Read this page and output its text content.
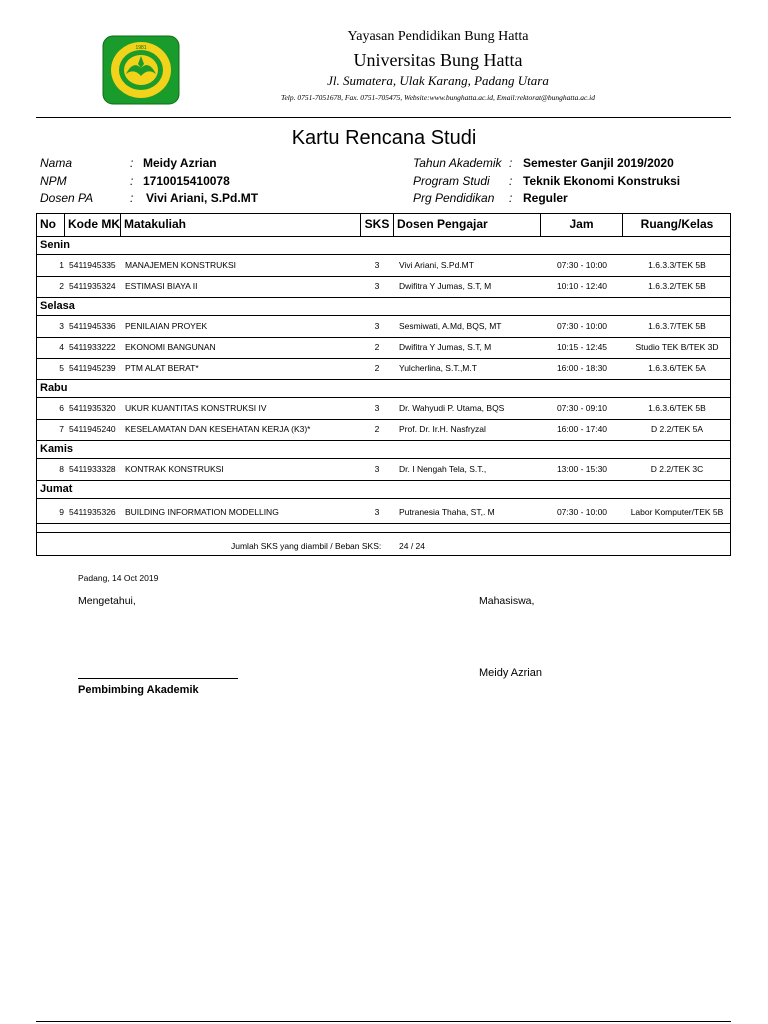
1981
Yayasan Pendidikan Bung Hatta
Universitas Bung Hatta
Jl. Sumatera, Ulak Karang, Padang Utara
Telp. 0751-7051678, Fax. 0751-705475, Website:www.bunghatta.ac.id, Email:rektorat@bunghatta.ac.id
Kartu Rencana Studi
Nama	: Meidy Azrian
NPM	: 1710015410078
Dosen PA	: Vivi Ariani, S.Pd.MT
Tahun Akademik : Semester Ganjil 2019/2020
Program Studi : Teknik Ekonomi Konstruksi
Prg Pendidikan : Reguler
No	Kode MK Matakuliah	SKS Dosen Pengajar	Jam	Ruang/Kelas
Senin
1 5411945335 MANAJEMEN KONSTRUKSI	3	Vivi Ariani, S.Pd.MT	07:30 - 10:00	1.6.3.3/TEK 5B
2 5411935324 ESTIMASI BIAYA II	3	Dwifitra Y Jumas, S.T, M	10:10 - 12:40	1.6.3.2/TEK 5B
Selasa
3 5411945336 PENILAIAN PROYEK	3	Sesmiwati, A.Md, BQS, MT	07:30 - 10:00	1.6.3.7/TEK 5B
4 5411933222 EKONOMI BANGUNAN	2	Dwifitra Y Jumas, S.T, M	10:15 - 12:45	Studio TEK B/TEK 3D
5 5411945239 PTM ALAT BERAT*	2	Yulcherlina, S.T.,M.T	16:00 - 18:30	1.6.3.6/TEK 5A
Rabu
6 5411935320 UKUR KUANTITAS KONSTRUKSI IV	3	Dr. Wahyudi P. Utama, BQS	07:30 - 09:10	1.6.3.6/TEK 5B
7 5411945240 KESELAMATAN DAN KESEHATAN KERJA (K3)*	2	Prof. Dr. Ir.H. Nasfryzal	16:00 - 17:40	D 2.2/TEK 5A
Kamis
8 5411933328 KONTRAK KONSTRUKSI	3	Dr. I Nengah Tela, S.T.,	13:00 - 15:30	D 2.2/TEK 3C
Jumat
9 5411935326 BUILDING INFORMATION MODELLING	3	Putranesia Thaha, ST,. M	07:30 - 10:00	Labor Komputer/TEK 5B
Jumlah SKS yang diambil / Beban SKS: 24 / 24
Padang, 14 Oct 2019
Mengetahui,	Mahasiswa,
Meidy Azrian
Pembimbing Akademik
